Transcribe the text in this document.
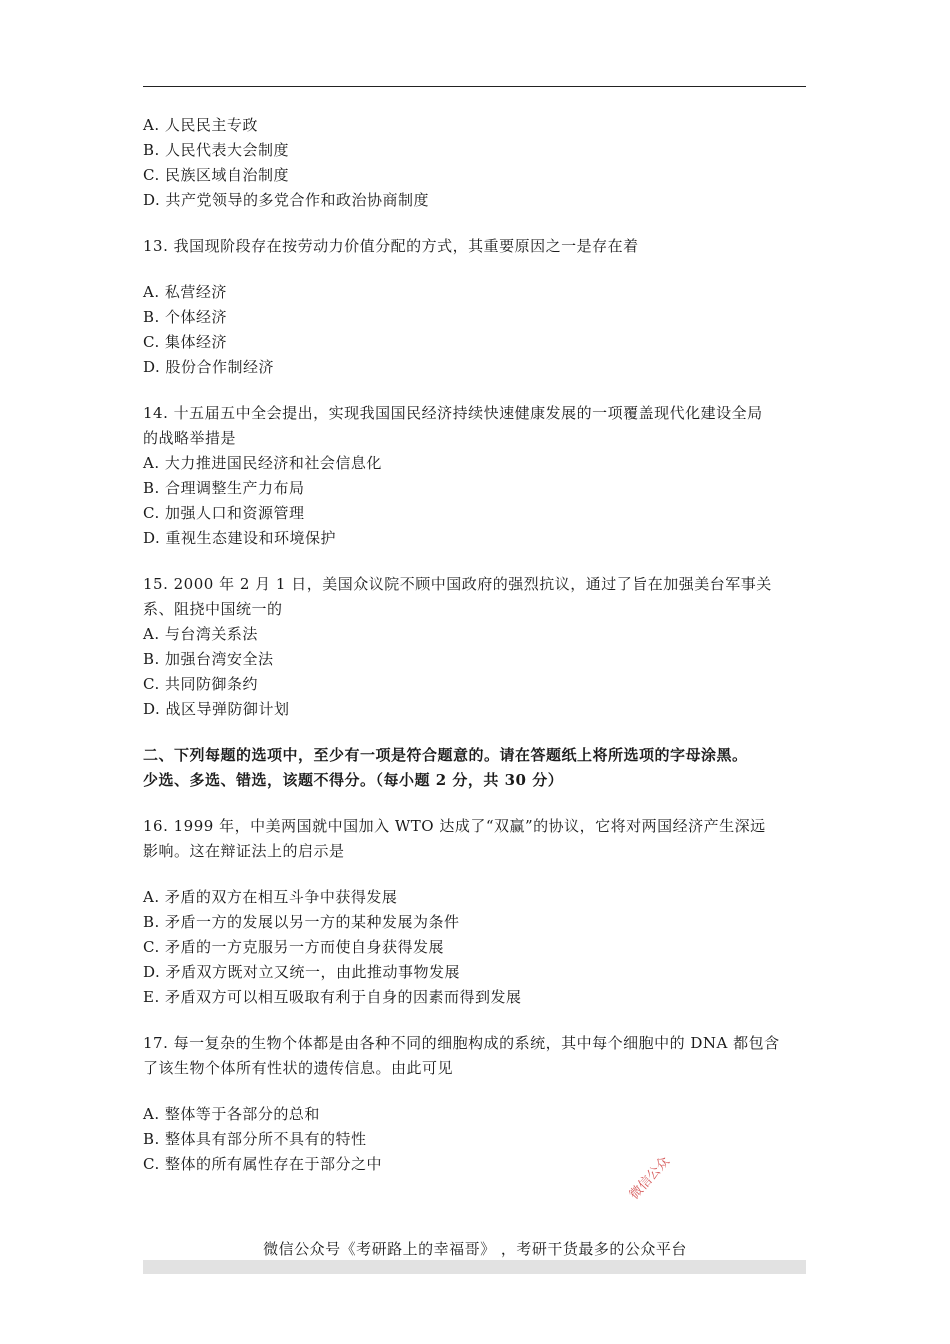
A. 人民民主专政
B. 人民代表大会制度
C. 民族区域自治制度
D. 共产党领导的多党合作和政治协商制度
13. 我国现阶段存在按劳动力价值分配的方式，其重要原因之一是存在着
A. 私营经济
B. 个体经济
C. 集体经济
D. 股份合作制经济
14. 十五届五中全会提出，实现我国国民经济持续快速健康发展的一项覆盖现代化建设全局
的战略举措是
A. 大力推进国民经济和社会信息化
B. 合理调整生产力布局
C. 加强人口和资源管理
D. 重视生态建设和环境保护
15. 2000 年 2 月 1 日，美国众议院不顾中国政府的强烈抗议，通过了旨在加强美台军事关
系、阻挠中国统一的
A. 与台湾关系法
B. 加强台湾安全法
C. 共同防御条约
D. 战区导弹防御计划
二、下列每题的选项中，至少有一项是符合题意的。请在答题纸上将所选项的字母涂黑。
少选、多选、错选，该题不得分。（每小题 2 分，共 30 分）
16. 1999 年，中美两国就中国加入 WTO 达成了“双赢”的协议，它将对两国经济产生深远
影响。这在辩证法上的启示是
A. 矛盾的双方在相互斗争中获得发展
B. 矛盾一方的发展以另一方的某种发展为条件
C. 矛盾的一方克服另一方而使自身获得发展
D. 矛盾双方既对立又统一，由此推动事物发展
E. 矛盾双方可以相互吸取有利于自身的因素而得到发展
17. 每一复杂的生物个体都是由各种不同的细胞构成的系统，其中每个细胞中的 DNA 都包含
了该生物个体所有性状的遗传信息。由此可见
A. 整体等于各部分的总和
B. 整体具有部分所不具有的特性
C. 整体的所有属性存在于部分之中	微信公众
微信公众号《考研路上的幸福哥》 ，考研干货最多的公众平台
